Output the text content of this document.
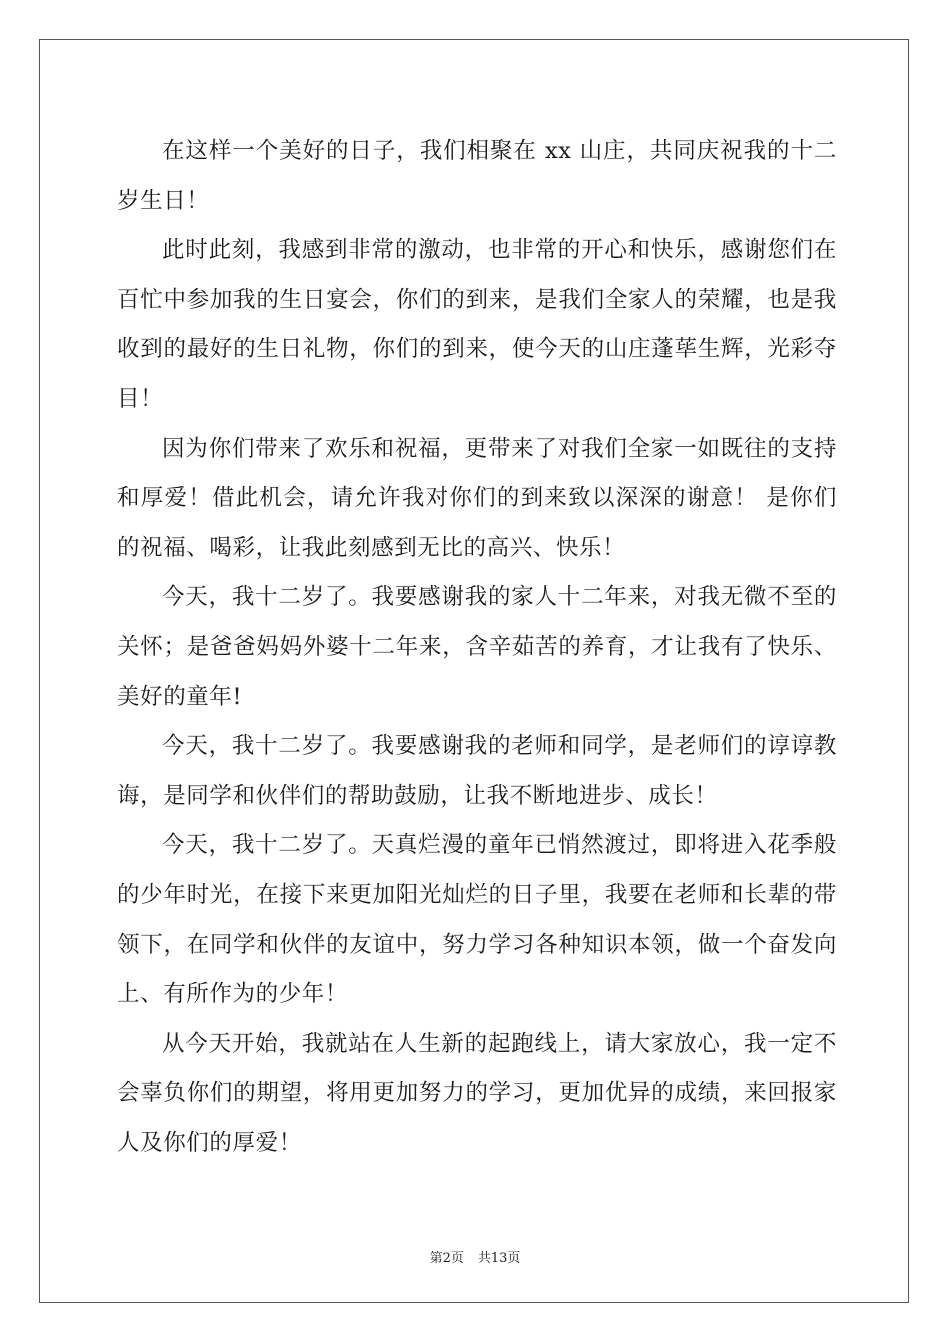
在这样一个美好的日子，我们相聚在 xx 山庄，共同庆祝我的十二岁生日！

此时此刻，我感到非常的激动，也非常的开心和快乐，感谢您们在百忙中参加我的生日宴会，你们的到来，是我们全家人的荣耀，也是我收到的最好的生日礼物，你们的到来，使今天的山庄蓬荜生辉，光彩夺目！

因为你们带来了欢乐和祝福，更带来了对我们全家一如既往的支持和厚爱！借此机会，请允许我对你们的到来致以深深的谢意！ 是你们的祝福、喝彩，让我此刻感到无比的高兴、快乐！

今天，我十二岁了。我要感谢我的家人十二年来，对我无微不至的关怀；是爸爸妈妈外婆十二年来，含辛茹苦的养育，才让我有了快乐、美好的童年!

今天，我十二岁了。我要感谢我的老师和同学，是老师们的谆谆教诲，是同学和伙伴们的帮助鼓励，让我不断地进步、成长！

今天，我十二岁了。天真烂漫的童年已悄然渡过，即将进入花季般的少年时光，在接下来更加阳光灿烂的日子里，我要在老师和长辈的带领下，在同学和伙伴的友谊中，努力学习各种知识本领，做一个奋发向上、有所作为的少年！

从今天开始，我就站在人生新的起跑线上，请大家放心，我一定不会辜负你们的期望，将用更加努力的学习，更加优异的成绩，来回报家人及你们的厚爱！

第2页 共13页
